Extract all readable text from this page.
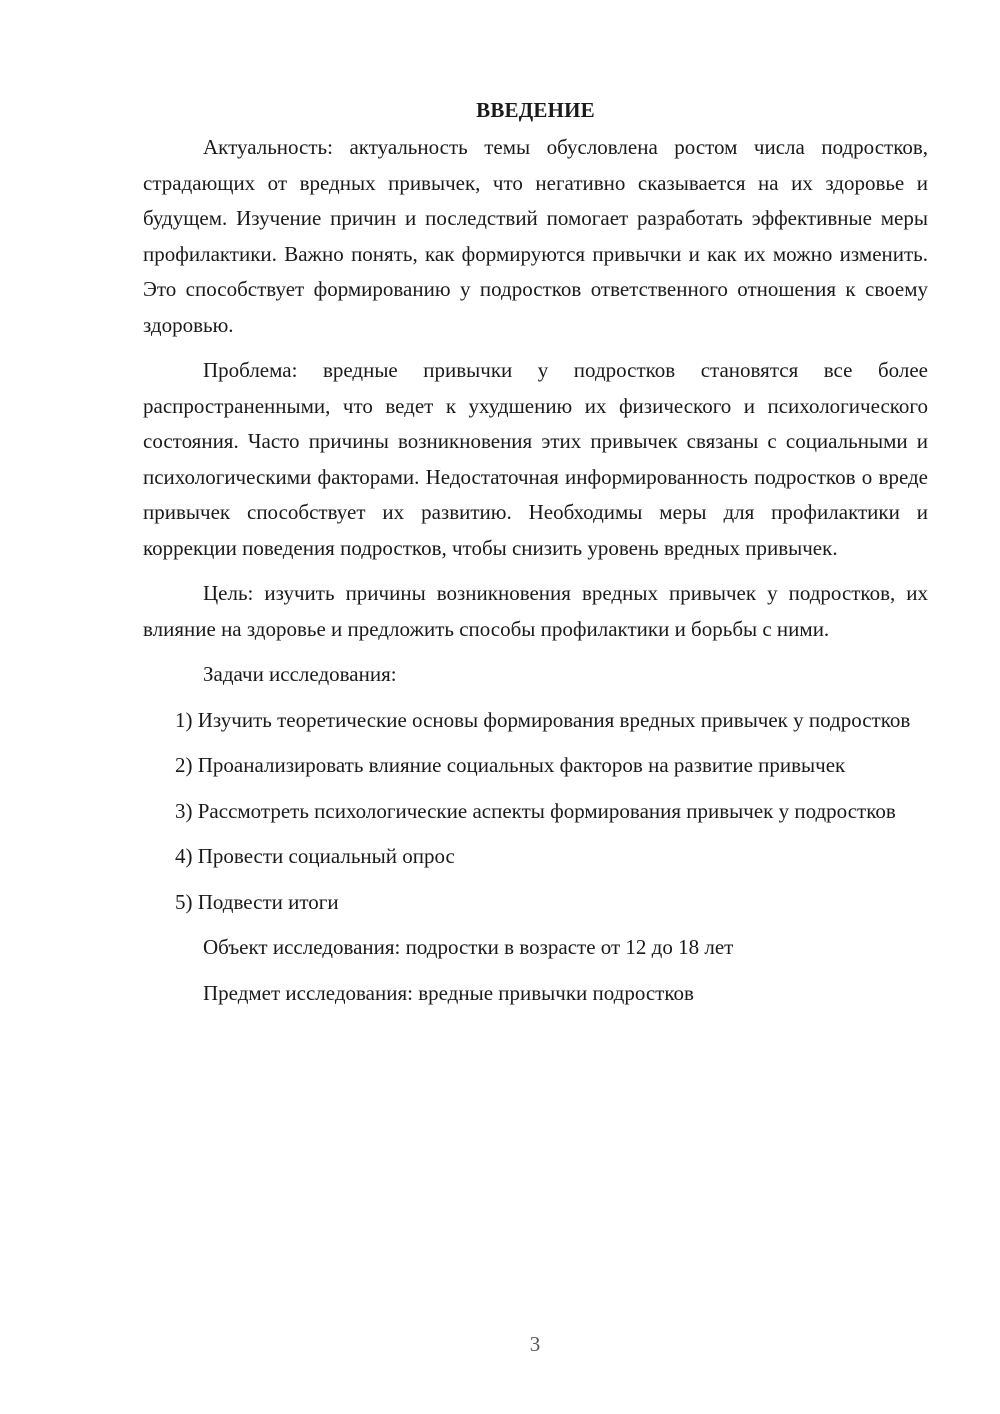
ВВЕДЕНИЕ

Актуальность: актуальность темы обусловлена ростом числа подростков, страдающих от вредных привычек, что негативно сказывается на их здоровье и будущем. Изучение причин и последствий помогает разработать эффективные меры профилактики. Важно понять, как формируются привычки и как их можно изменить. Это способствует формированию у подростков ответственного отношения к своему здоровью.

Проблема: вредные привычки у подростков становятся все более распространенными, что ведет к ухудшению их физического и психологического состояния. Часто причины возникновения этих привычек связаны с социальными и психологическими факторами. Недостаточная информированность подростков о вреде привычек способствует их развитию. Необходимы меры для профилактики и коррекции поведения подростков, чтобы снизить уровень вредных привычек.

Цель: изучить причины возникновения вредных привычек у подростков, их влияние на здоровье и предложить способы профилактики и борьбы с ними.

Задачи исследования:

1) Изучить теоретические основы формирования вредных привычек у подростков

2) Проанализировать влияние социальных факторов на развитие привычек

3) Рассмотреть психологические аспекты формирования привычек у подростков

4) Провести социальный опрос

5) Подвести итоги

Объект исследования: подростки в возрасте от 12 до 18 лет

Предмет исследования: вредные привычки подростков

3
